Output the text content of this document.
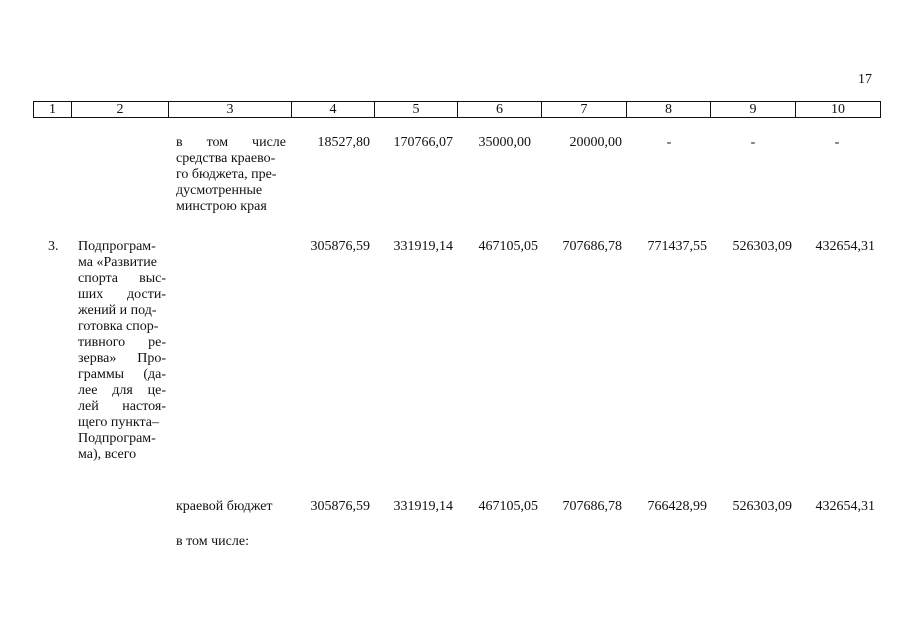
17
1	2	3	4	5	6	7	8	9	10
в том числе
средства краево-
го бюджета, пре-
дусмотренные
минстрою края
18527,80	170766,07	35000,00	20000,00	-	-	-
3. Подпрограм-
ма «Развитие
спорта выс-
ших дости-
жений и под-
готовка спор-
тивного ре-
зерва» Про-
граммы (да-
лее для це-
лей настоя-
щего пункта–
Подпрограм-
ма), всего
305876,59	331919,14	467105,05	707686,78	771437,55	526303,09	432654,31
краевой бюджет	305876,59	331919,14	467105,05	707686,78	766428,99	526303,09	432654,31
в том числе:
